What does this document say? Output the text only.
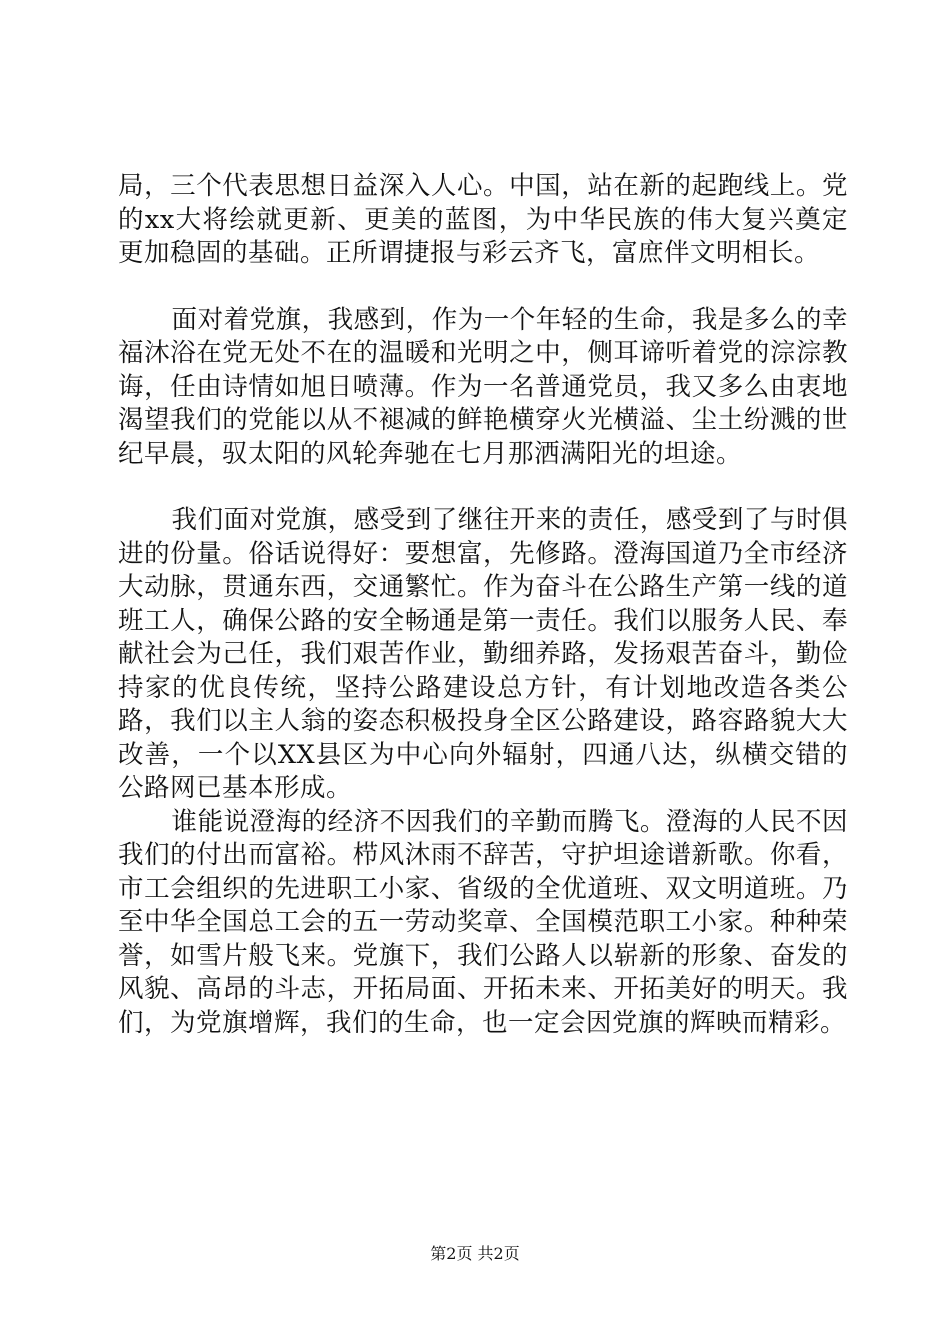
局，三个代表思想日益深入人心。中国，站在新的起跑线上。党的xx大将绘就更新、更美的蓝图，为中华民族的伟大复兴奠定更加稳固的基础。正所谓捷报与彩云齐飞，富庶伴文明相长。

面对着党旗，我感到，作为一个年轻的生命，我是多么的幸福沐浴在党无处不在的温暖和光明之中，侧耳谛听着党的淙淙教诲，任由诗情如旭日喷薄。作为一名普通党员，我又多么由衷地渴望我们的党能以从不褪减的鲜艳横穿火光横溢、尘土纷溅的世纪早晨，驭太阳的风轮奔驰在七月那洒满阳光的坦途。

我们面对党旗，感受到了继往开来的责任，感受到了与时俱进的份量。俗话说得好：要想富，先修路。澄海国道乃全市经济大动脉，贯通东西，交通繁忙。作为奋斗在公路生产第一线的道班工人，确保公路的安全畅通是第一责任。我们以服务人民、奉献社会为己任，我们艰苦作业，勤细养路，发扬艰苦奋斗，勤俭持家的优良传统，坚持公路建设总方针，有计划地改造各类公路，我们以主人翁的姿态积极投身全区公路建设，路容路貌大大改善，一个以XX县区为中心向外辐射，四通八达，纵横交错的公路网已基本形成。

谁能说澄海的经济不因我们的辛勤而腾飞。澄海的人民不因我们的付出而富裕。栉风沐雨不辞苦，守护坦途谱新歌。你看，市工会组织的先进职工小家、省级的全优道班、双文明道班。乃至中华全国总工会的五一劳动奖章、全国模范职工小家。种种荣誉，如雪片般飞来。党旗下，我们公路人以崭新的形象、奋发的风貌、高昂的斗志，开拓局面、开拓未来、开拓美好的明天。我们，为党旗增辉，我们的生命，也一定会因党旗的辉映而精彩。

第2页 共2页
